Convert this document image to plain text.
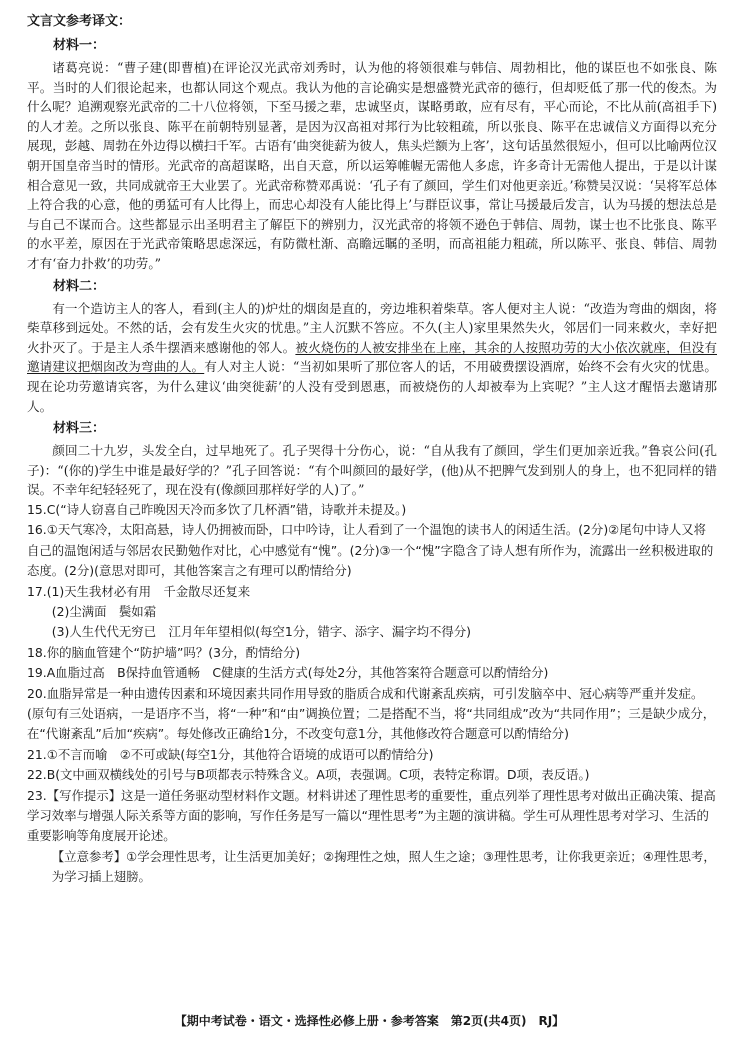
文言文参考译文：
材料一：

诸葛亮说：“曹子建(即曹植)在评论汉光武帝刘秀时，认为他的将领很难与韩信、周勃相比，他的谋臣也不如张良、陈平。当时的人们很论起来，也都认同这个观点。我认为他的言论确实是想盛赞光武帝的德行，但却贬低了那一代的俊杰。为什么呢？追溯观察光武帝的二十八位将领，下至马援之辈，忠诚坚贞，谋略勇敢，应有尽有，平心而论，不比从前(高祖手下)的人才差。之所以张良、陈平在前朝特别显著，是因为汉高祖对邦行为比较粗疏，所以张良、陈平在忠诚信义方面得以充分展现，彭越、周勃在外边得以横扫千军。古语有‘曲突徙薪为彼人，焦头烂额为上客’，这句话虽然很短小，但可以比喻两位汉朝开国皇帝当时的情形。光武帝的高超谋略，出自天意，所以运筹帷幄无需他人多虑，许多奇计无需他人提出，于是以计谋相合意见一致，共同成就帝王大业罢了。光武帝称赞邓禹说：‘孔子有了颜回，学生们对他更亲近。’称赞吴汉说：‘吴将军总体上符合我的心意，他的勇猛可有人比得上，而忠心却没有人能比得上’与群臣议事，常让马援最后发言，认为马援的想法总是与自己不谋而合。这些都显示出圣明君主了解臣下的辨别力，汉光武帝的将领不逊色于韩信、周勃，谋士也不比张良、陈平的水平差，原因在于光武帝策略思虑深远，有防微杜渐、高瞻远瞩的圣明，而高祖能力粗疏，所以陈平、张良、韩信、周勃才有‘奋力扑救’的功劳。”

材料二：

有一个造访主人的客人，看到(主人的)炉灶的烟囱是直的，旁边堆积着柴草。客人便对主人说：“改造为弯曲的烟囱，将柴草移到远处。不然的话，会有发生火灾的忧患。”主人沉默不答应。不久(主人)家里果然失火，邻居们一同来救火，幸好把火扑灭了。于是主人杀牛摆酒来感谢他的邻人。被火烧伤的人被安排坐在上座，其余的人按照功劳的大小依次就座，但没有邀请建议把烟囱改为弯曲的人。有人对主人说：“当初如果听了那位客人的话，不用破费摆设酒席，始终不会有火灾的忧患。现在论功劳邀请宾客，为什么建议‘曲突徙薪’的人没有受到恩惠，而被烧伤的人却被奉为上宾呢？”主人这才醒悟去邀请那人。

材料三：

颜回二十九岁，头发全白，过早地死了。孔子哭得十分伤心，说：“自从我有了颜回，学生们更加亲近我。”鲁哀公问(孔子)：“(你的)学生中谁是最好学的？”孔子回答说：“有个叫颜回的最好学，(他)从不把脾气发到别人的身上，也不犯同样的错误。不幸年纪轻轻死了，现在没有(像颜回那样好学的人)了。”

15.C(“诗人窃喜自己昨晚因天冷而多饮了几杯酒”错，诗歌并未提及。)

16.①天气寒冷，太阳高悬，诗人仍拥被而卧，口中吟诗，让人看到了一个温饱的读书人的闲适生活。(2分)②尾句中诗人又将自己的温饱闲适与邻居农民勤勉作对比，心中感觉有“愧”。(2分)③一个“愧”字隐含了诗人想有所作为，流露出一丝积极进取的态度。(2分)(意思对即可，其他答案言之有理可以酌情给分)

17.(1)天生我材必有用　千金散尽还复来

(2)尘满面　鬓如霜

(3)人生代代无穷已　江月年年望相似(每空1分，错字、添字、漏字均不得分)

18.你的脑血管建个“防护墙”吗？(3分，酌情给分)

19.A血脂过高　B保持血管通畅　C健康的生活方式(每处2分，其他答案符合题意可以酌情给分)

20.血脂异常是一种由遗传因素和环境因素共同作用导致的脂质合成和代谢紊乱疾病，可引发脑卒中、冠心病等严重并发症。(原句有三处语病，一是语序不当，将“一种”和“由”调换位置；二是搭配不当，将“共同组成”改为“共同作用”；三是缺少成分，在“代谢紊乱”后加“疾病”。每处修改正确给1分，不改变句意1分，其他修改符合题意可以酌情给分)

21.①不言而喻　②不可或缺(每空1分，其他符合语境的成语可以酌情给分)

22.B(文中画双横线处的引号与B项都表示特殊含义。A项，表强调。C项，表特定称谓。D项，表反语。)

23.【写作提示】这是一道任务驱动型材料作文题。材料讲述了理性思考的重要性，重点列举了理性思考对做出正确决策、提高学习效率与增强人际关系等方面的影响，写作任务是写一篇以“理性思考”为主题的演讲稿。学生可从理性思考对学习、生活的重要影响等角度展开论述。

【立意参考】①学会理性思考，让生活更加美好；②掬理性之烛，照人生之途；③理性思考，让你我更亲近；④理性思考，为学习插上翅膀。

【期中考试卷・语文・选择性必修上册・参考答案　第2页(共4页)　RJ】
